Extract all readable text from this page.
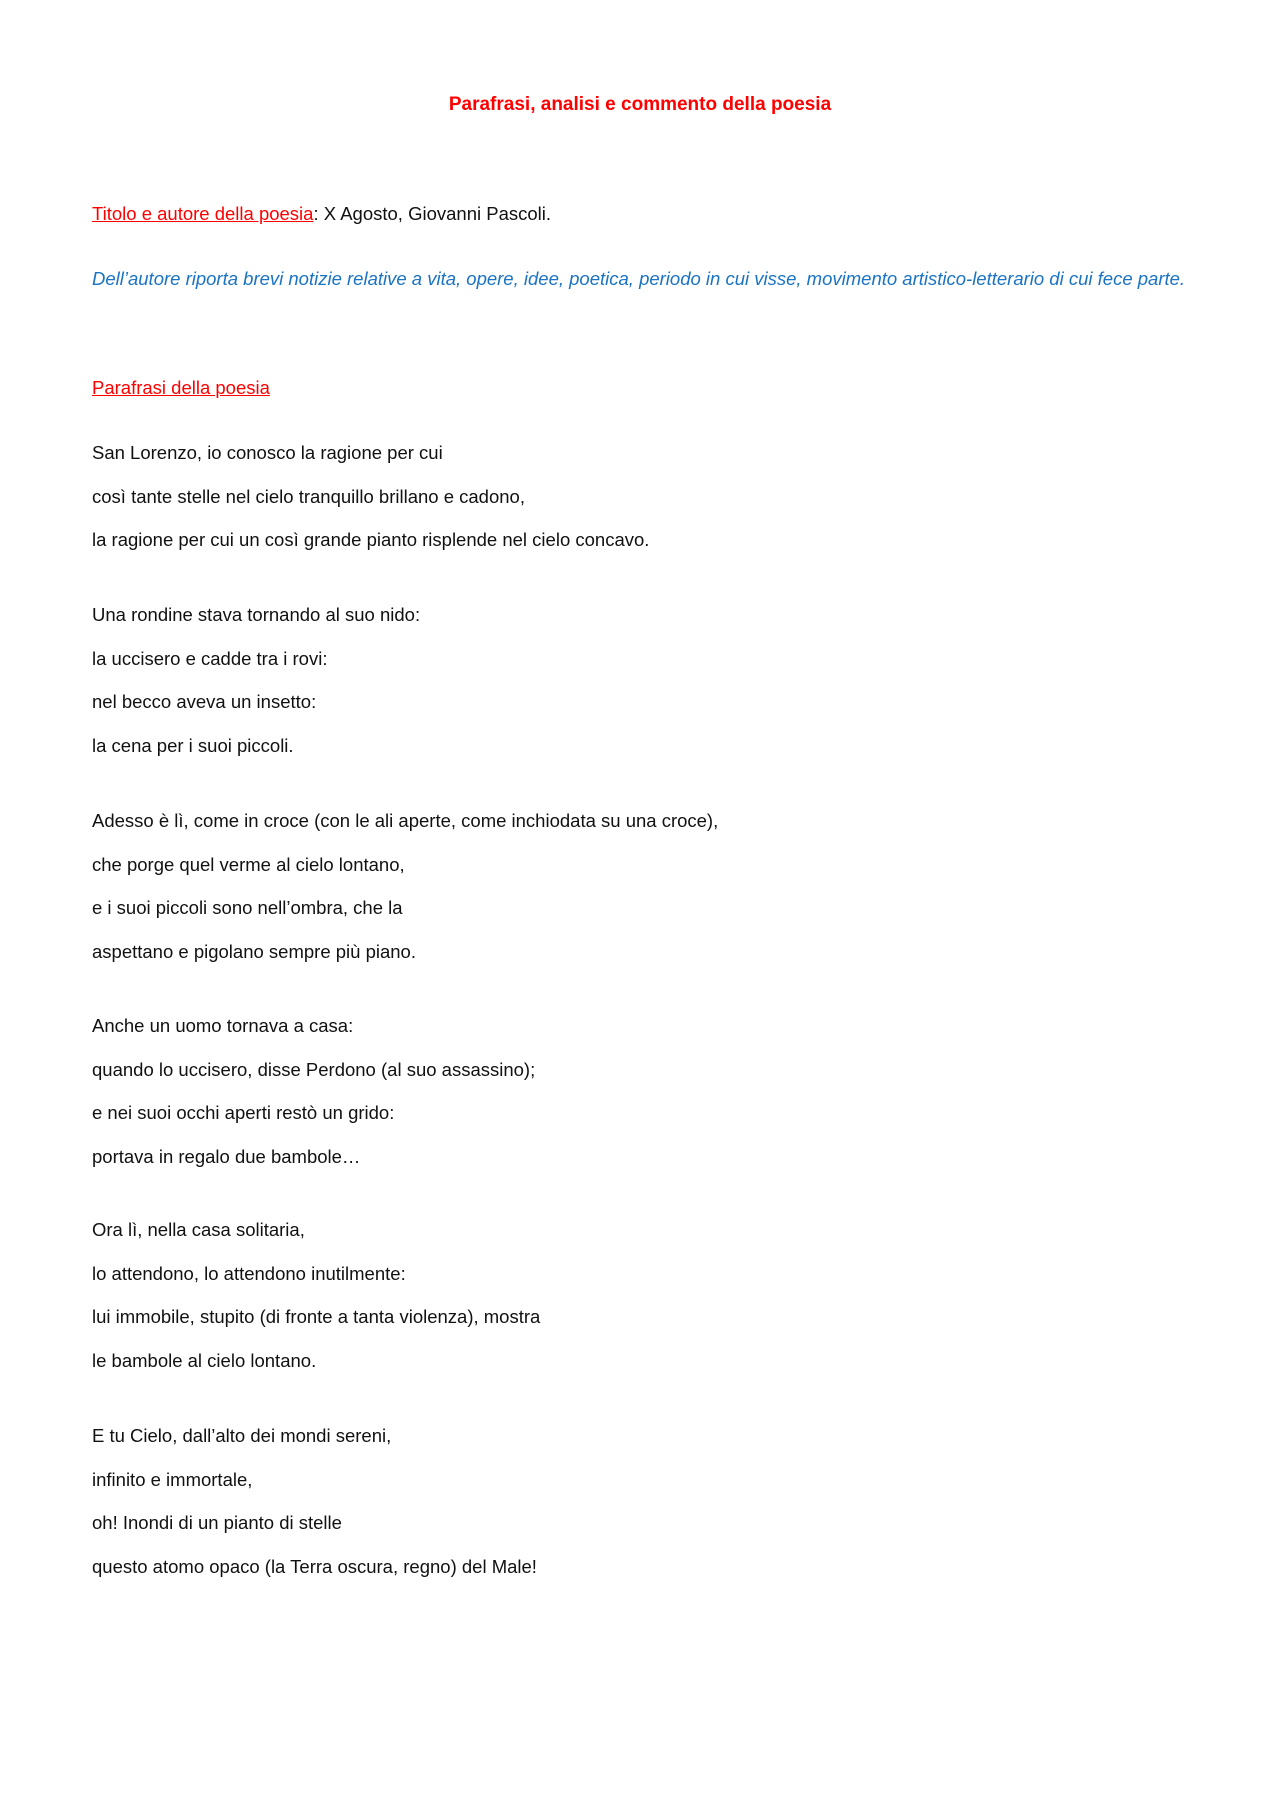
Parafrasi, analisi e commento della poesia
Titolo e autore della poesia: X Agosto, Giovanni Pascoli.
Dell’autore riporta brevi notizie relative a vita, opere, idee, poetica, periodo in cui visse, movimento artistico-letterario di cui fece parte.
Parafrasi della poesia
San Lorenzo, io conosco la ragione per cui
così tante stelle nel cielo tranquillo brillano e cadono,
la ragione per cui un così grande pianto risplende nel cielo concavo.
Una rondine stava tornando al suo nido:
la uccisero e cadde tra i rovi:
nel becco aveva un insetto:
la cena per i suoi piccoli.
Adesso è lì, come in croce (con le ali aperte, come inchiodata su una croce),
che porge quel verme al cielo lontano,
e i suoi piccoli sono nell’ombra, che la
aspettano e pigolano sempre più piano.
Anche un uomo tornava a casa:
quando lo uccisero, disse Perdono (al suo assassino);
e nei suoi occhi aperti restò un grido:
portava in regalo due bambole…
Ora lì, nella casa solitaria,
lo attendono, lo attendono inutilmente:
lui immobile, stupito (di fronte a tanta violenza), mostra
le bambole al cielo lontano.
E tu Cielo, dall’alto dei mondi sereni,
infinito e immortale,
oh! Inondi di un pianto di stelle
questo atomo opaco (la Terra oscura, regno) del Male!
